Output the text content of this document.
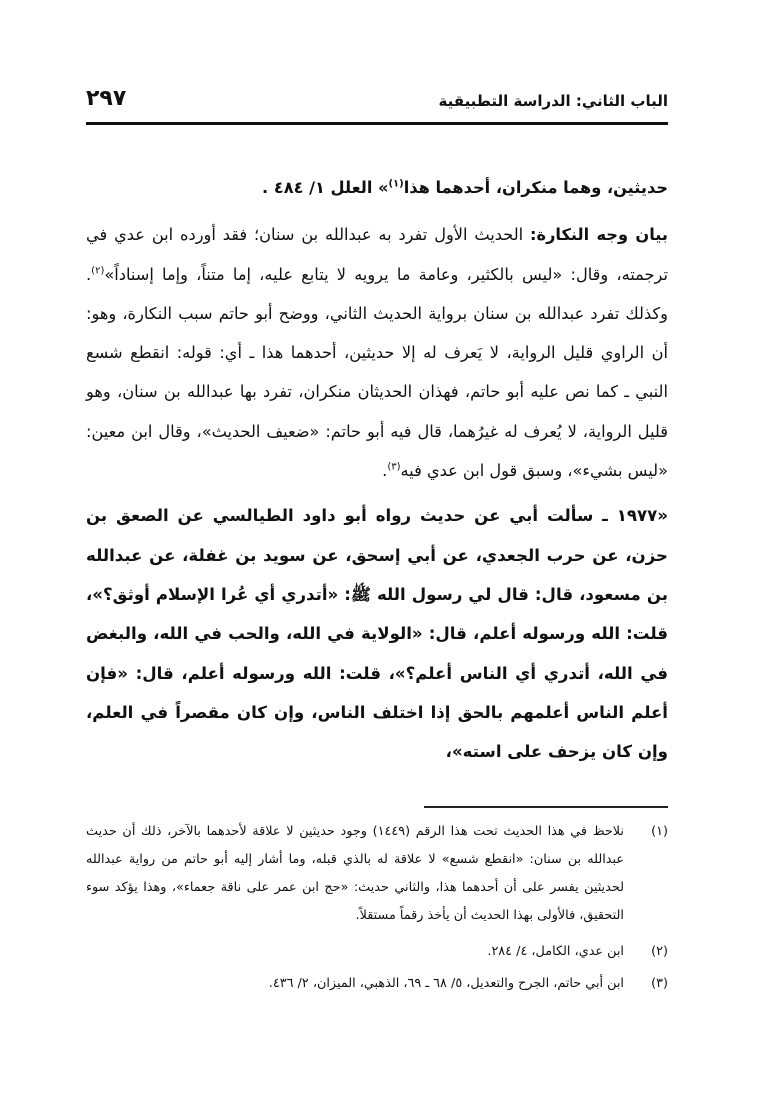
الباب الثاني: الدراسة التطبيقية
٢٩٧

حديثين، وهما منكران، أحدهما هذا$^{(١)}$» العلل ١/ ٤٨٤ .

بيان وجه النكارة: الحديث الأول تفرد به عبدالله بن سنان؛ فقد أورده ابن عدي في ترجمته، وقال: «ليس بالكثير، وعامة ما يرويه لا يتابع عليه، إما متناً، وإما إسناداً»$^{(٢)}$. وكذلك تفرد عبدالله بن سنان برواية الحديث الثاني، ووضح أبو حاتم سبب النكارة، وهو: أن الراوي قليل الرواية، لا يَعرف له إلا حديثين، أحدهما هذا ـ أي: قوله: انقطع شسع النبي ـ كما نص عليه أبو حاتم، فهذان الحديثان منكران، تفرد بها عبدالله بن سنان، وهو قليل الرواية، لا يُعرف له غيرُهما، قال فيه أبو حاتم: «ضعيف الحديث»، وقال ابن معين: «ليس بشيء»، وسبق قول ابن عدي فيه$^{(٣)}$.

«١٩٧٧ ـ سألت أبي عن حديث رواه أبو داود الطيالسي عن الصعق بن حزن، عن حرب الجعدي، عن أبي إسحق، عن سويد بن غفلة، عن عبدالله بن مسعود، قال: قال لي رسول الله ﷺ: «أتدري أي عُرا الإسلام أوثق؟»، قلت: الله ورسوله أعلم، قال: «الولاية في الله، والحب في الله، والبغض في الله، أتدري أي الناس أعلم؟»، قلت: الله ورسوله أعلم، قال: «فإن أعلم الناس أعلمهم بالحق إذا اختلف الناس، وإن كان مقصراً في العلم، وإن كان يزحف على استه»،

(١)
نلاحظ في هذا الحديث تحت هذا الرقم (١٤٤٩) وجود حديثين لا علاقة لأحدهما بالآخر، ذلك أن حديث عبدالله بن سنان: «انقطع شسع» لا علاقة له بالذي قبله، وما أشار إليه أبو حاتم من رواية عبدالله لحديثين يفسر على أن أحدهما هذا، والثاني حديث: «حج ابن عمر على ناقة جعماء»، وهذا يؤكد سوء التحقيق، فالأولى بهذا الحديث أن يأخذ رقماً مستقلاً.
(٢)
ابن عدي، الكامل، ٤/ ٢٨٤.
(٣)
ابن أبي حاتم، الجرح والتعديل، ٥/ ٦٨ ـ ٦٩، الذهبي، الميزان، ٢/ ٤٣٦.
